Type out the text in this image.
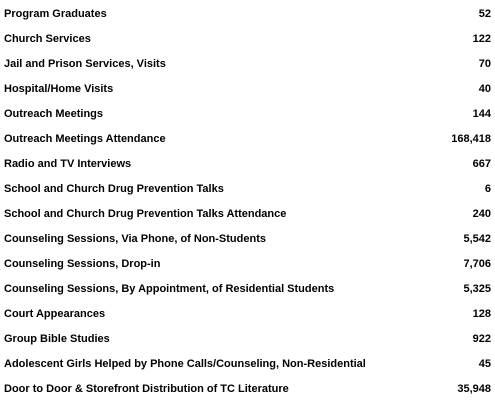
Program Graduates	52
Church Services	122
Jail and Prison Services, Visits	70
Hospital/Home Visits	40
Outreach Meetings	144
Outreach Meetings Attendance	168,418
Radio and TV Interviews	667
School and Church Drug Prevention Talks	6
School and Church Drug Prevention Talks Attendance	240
Counseling Sessions, Via Phone, of Non-Students	5,542
Counseling Sessions, Drop-in	7,706
Counseling Sessions, By Appointment, of Residential Students	5,325
Court Appearances	128
Group Bible Studies	922
Adolescent Girls Helped by Phone Calls/Counseling, Non-Residential	45
Door to Door & Storefront Distribution of TC Literature	35,948
